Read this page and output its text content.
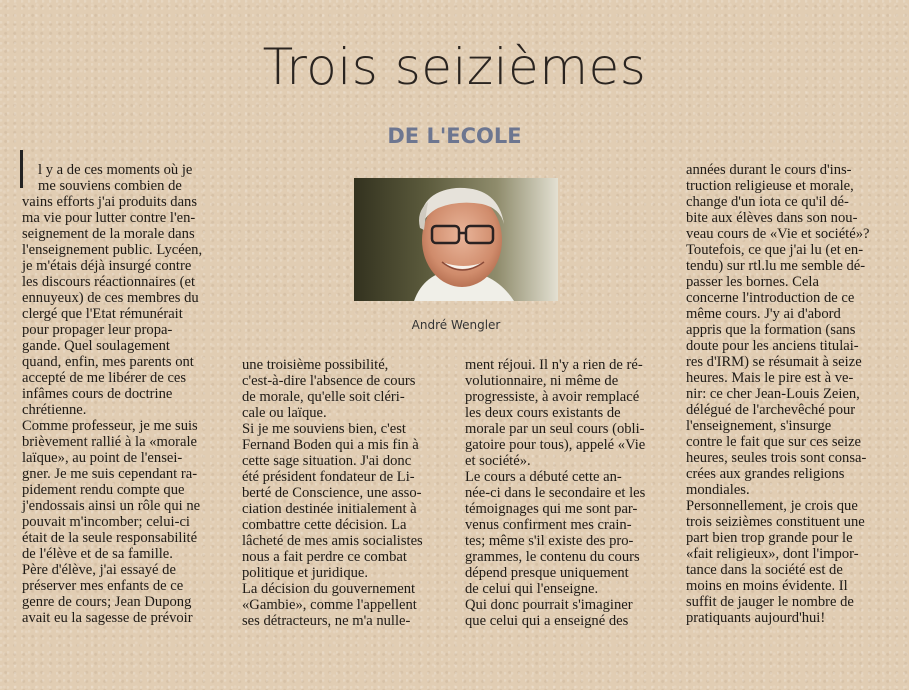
Trois seizièmes
DE L'ECOLE
André Wengler
l y a de ces moments où je
me souviens combien de
vains efforts j'ai produits dans
ma vie pour lutter contre l'en-
seignement de la morale dans
l'enseignement public. Lycéen,
je m'étais déjà insurgé contre
les discours réactionnaires (et
ennuyeux) de ces membres du
clergé que l'Etat rémunérait
pour propager leur propa-
gande. Quel soulagement
quand, enfin, mes parents ont
accepté de me libérer de ces
infâmes cours de doctrine
chrétienne.
Comme professeur, je me suis
brièvement rallié à la «morale
laïque», au point de l'ensei-
gner. Je me suis cependant ra-
pidement rendu compte que
j'endossais ainsi un rôle qui ne
pouvait m'incomber; celui-ci
était de la seule responsabilité
de l'élève et de sa famille.
Père d'élève, j'ai essayé de
préserver mes enfants de ce
genre de cours; Jean Dupong
avait eu la sagesse de prévoir
une troisième possibilité,
c'est-à-dire l'absence de cours
de morale, qu'elle soit cléri-
cale ou laïque.
Si je me souviens bien, c'est
Fernand Boden qui a mis fin à
cette sage situation. J'ai donc
été président fondateur de Li-
berté de Conscience, une asso-
ciation destinée initialement à
combattre cette décision. La
lâcheté de mes amis socialistes
nous a fait perdre ce combat
politique et juridique.
La décision du gouvernement
«Gambie», comme l'appellent
ses détracteurs, ne m'a nulle-
ment réjoui. Il n'y a rien de ré-
volutionnaire, ni même de
progressiste, à avoir remplacé
les deux cours existants de
morale par un seul cours (obli-
gatoire pour tous), appelé «Vie
et société».
Le cours a débuté cette an-
née-ci dans le secondaire et les
témoignages qui me sont par-
venus confirment mes crain-
tes; même s'il existe des pro-
grammes, le contenu du cours
dépend presque uniquement
de celui qui l'enseigne.
Qui donc pourrait s'imaginer
que celui qui a enseigné des
années durant le cours d'ins-
truction religieuse et morale,
change d'un iota ce qu'il dé-
bite aux élèves dans son nou-
veau cours de «Vie et société»?
Toutefois, ce que j'ai lu (et en-
tendu) sur rtl.lu me semble dé-
passer les bornes. Cela
concerne l'introduction de ce
même cours. J'y ai d'abord
appris que la formation (sans
doute pour les anciens titulai-
res d'IRM) se résumait à seize
heures. Mais le pire est à ve-
nir: ce cher Jean-Louis Zeien,
délégué de l'archevêché pour
l'enseignement, s'insurge
contre le fait que sur ces seize
heures, seules trois sont consa-
crées aux grandes religions
mondiales.
Personnellement, je crois que
trois seizièmes constituent une
part bien trop grande pour le
«fait religieux», dont l'impor-
tance dans la société est de
moins en moins évidente. Il
suffit de jauger le nombre de
pratiquants aujourd'hui!
